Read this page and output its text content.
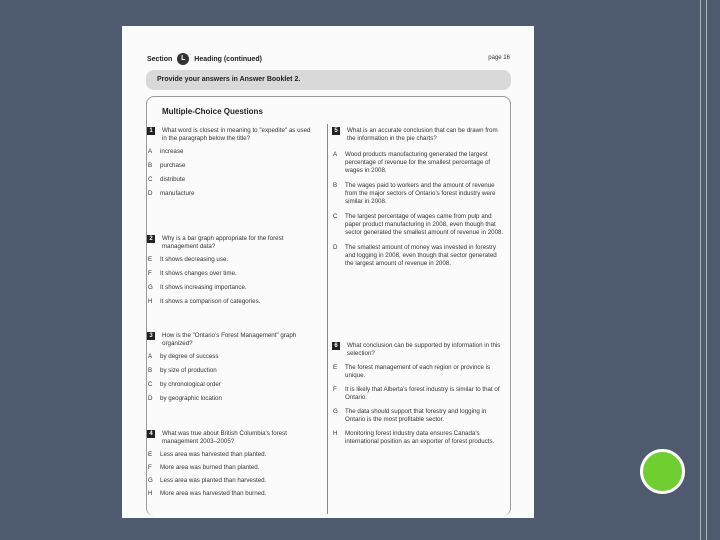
Section	L	Heading (continued)	page 16
Provide your answers in Answer Booklet 2.
Multiple-Choice Questions
1	What word is closest in meaning to "expedite" as used in the paragraph below the title?
A	increase
B	purchase
C	distribute
D	manufacture
2	Why is a bar graph appropriate for the forest management data?
E	It shows decreasing use.
F	It shows changes over time.
G	It shows increasing importance.
H	It shows a comparison of categories.
3	How is the "Ontario's Forest Management" graph organized?
A	by degree of success
B	by size of production
C	by chronological order
D	by geographic location
4	What was true about British Columbia's forest management 2003–2005?
E	Less area was harvested than planted.
F	More area was burned than planted.
G	Less area was planted than harvested.
H	More area was harvested than burned.
5	What is an accurate conclusion that can be drawn from the information in the pie charts?
A	Wood products manufacturing generated the largest percentage of revenue for the smallest percentage of wages in 2008.
B	The wages paid to workers and the amount of revenue from the major sectors of Ontario's forest industry were similar in 2008.
C	The largest percentage of wages came from pulp and paper product manufacturing in 2008, even though that sector generated the smallest amount of revenue in 2008.
D	The smallest amount of money was invested in forestry and logging in 2008, even though that sector generated the largest amount of revenue in 2008.
6	What conclusion can be supported by information in this selection?
E	The forest management of each region or province is unique.
F	It is likely that Alberta's forest industry is similar to that of Ontario.
G	The data should support that forestry and logging in Ontario is the most profitable sector.
H	Monitoring forest industry data ensures Canada's international position as an exporter of forest products.
